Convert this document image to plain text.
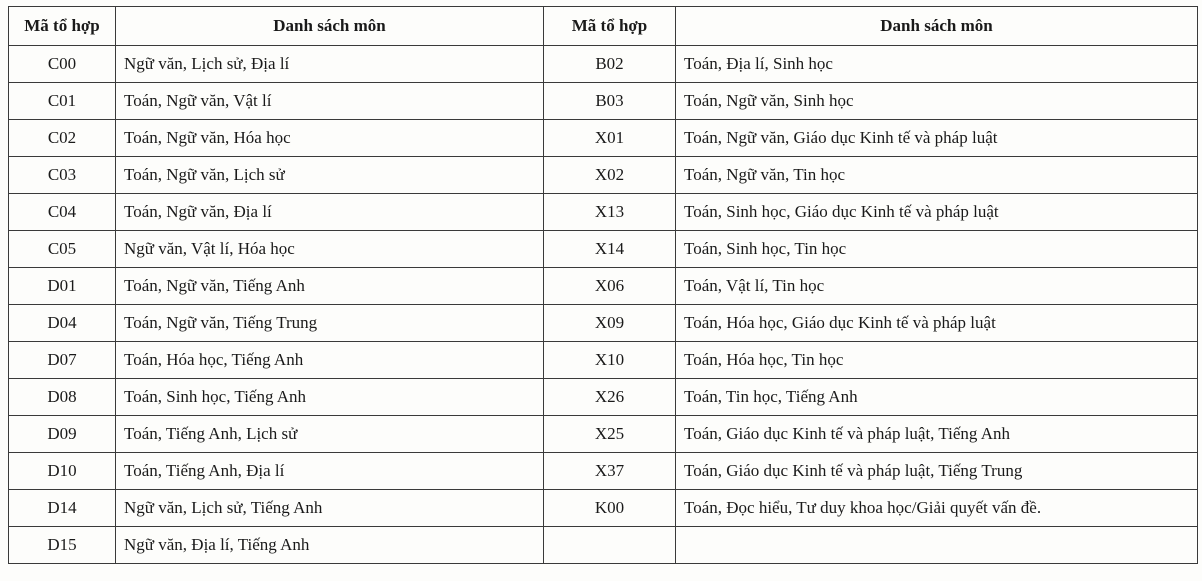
Mã tổ hợp	Danh sách môn	Mã tổ hợp	Danh sách môn
C00	Ngữ văn, Lịch sử, Địa lí	B02	Toán, Địa lí, Sinh học
C01	Toán, Ngữ văn, Vật lí	B03	Toán, Ngữ văn, Sinh học
C02	Toán, Ngữ văn, Hóa học	X01	Toán, Ngữ văn, Giáo dục Kinh tế và pháp luật
C03	Toán, Ngữ văn, Lịch sử	X02	Toán, Ngữ văn, Tin học
C04	Toán, Ngữ văn, Địa lí	X13	Toán, Sinh học, Giáo dục Kinh tế và pháp luật
C05	Ngữ văn, Vật lí, Hóa học	X14	Toán, Sinh học, Tin học
D01	Toán, Ngữ văn, Tiếng Anh	X06	Toán, Vật lí, Tin học
D04	Toán, Ngữ văn, Tiếng Trung	X09	Toán, Hóa học, Giáo dục Kinh tế và pháp luật
D07	Toán, Hóa học, Tiếng Anh	X10	Toán, Hóa học, Tin học
D08	Toán, Sinh học, Tiếng Anh	X26	Toán, Tin học, Tiếng Anh
D09	Toán, Tiếng Anh, Lịch sử	X25	Toán, Giáo dục Kinh tế và pháp luật, Tiếng Anh
D10	Toán, Tiếng Anh, Địa lí	X37	Toán, Giáo dục Kinh tế và pháp luật, Tiếng Trung
D14	Ngữ văn, Lịch sử, Tiếng Anh	K00	Toán, Đọc hiểu, Tư duy khoa học/Giải quyết vấn đề.
D15	Ngữ văn, Địa lí, Tiếng Anh		
